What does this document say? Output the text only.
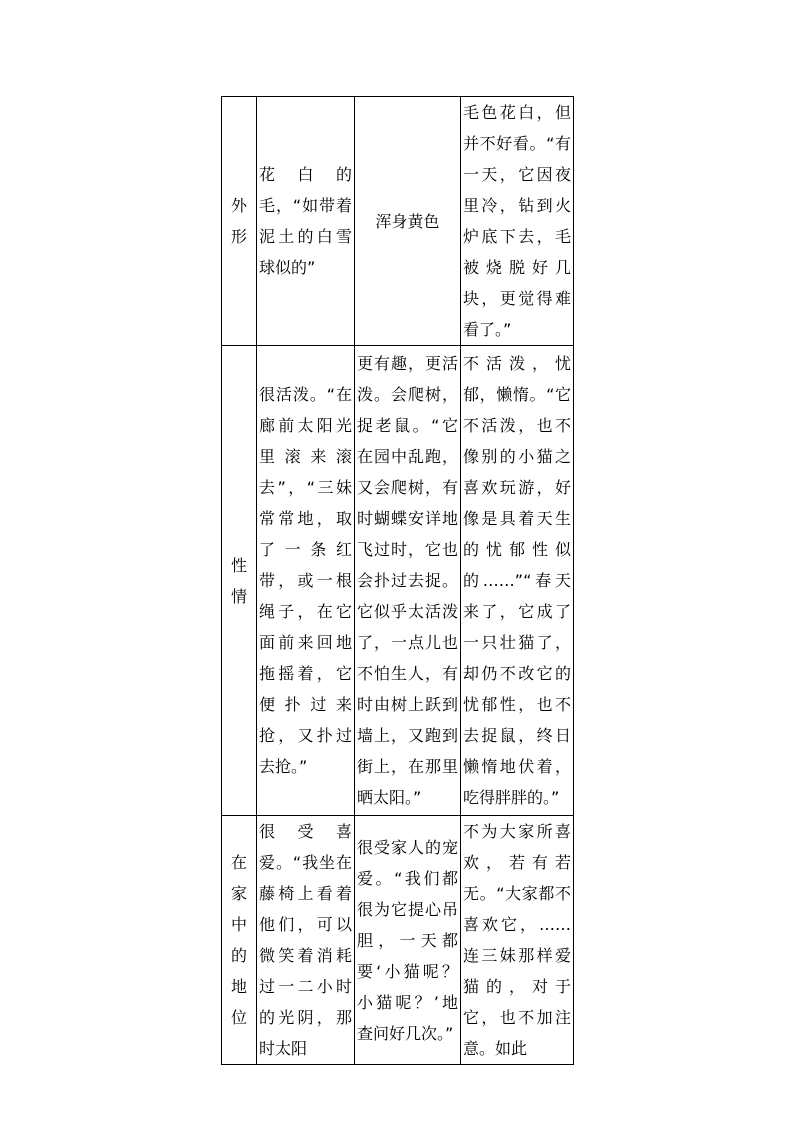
外形	花白的毛，“如带着泥土的白雪球似的”	浑身黄色	毛色花白，但并不好看。“有一天，它因夜里冷，钻到火炉底下去，毛被烧脱好几块，更觉得难看了。”
性情	很活泼。“在廊前太阳光里滚来滚去”，“三妹常常地，取了一条红带，或一根绳子，在它面前来回地拖摇着，它便扑过来抢，又扑过去抢。”	更有趣，更活泼。会爬树，捉老鼠。“它在园中乱跑，又会爬树，有时蝴蝶安详地飞过时，它也会扑过去捉。它似乎太活泼了，一点儿也不怕生人，有时由树上跃到墙上，又跑到街上，在那里晒太阳。”	不活泼，忧郁，懒惰。“它不活泼，也不像别的小猫之喜欢玩游，好像是具着天生的忧郁性似的……”“春天来了，它成了一只壮猫了，却仍不改它的忧郁性，也不去捉鼠，终日懒惰地伏着，吃得胖胖的。”
在家中的地位	很受喜爱。“我坐在藤椅上看着他们，可以微笑着消耗过一二小时的光阴，那时太阳	很受家人的宠爱。“我们都很为它提心吊胆，一天都要‘小猫呢？小猫呢？’地查问好几次。”	不为大家所喜欢，若有若无。“大家都不喜欢它，……连三妹那样爱猫的，对于它，也不加注意。如此
